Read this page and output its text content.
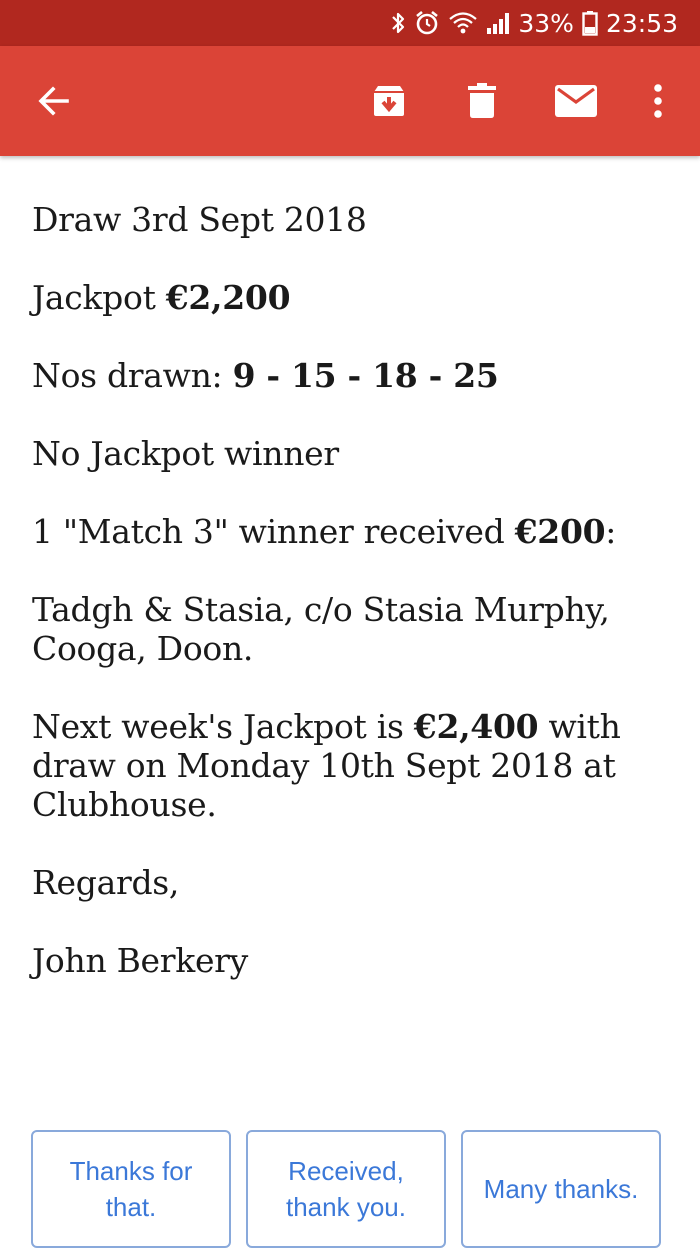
33% 23:53

Draw 3rd Sept 2018

Jackpot €2,200

Nos drawn: 9 - 15 - 18 - 25

No Jackpot winner

1 "Match 3" winner received €200:

Tadgh & Stasia, c/o Stasia Murphy,
Cooga, Doon.

Next week's Jackpot is €2,400 with draw on Monday 10th Sept 2018 at Clubhouse.

Regards,

John Berkery

Thanks for
that.
Received,
thank you.
Many thanks.
